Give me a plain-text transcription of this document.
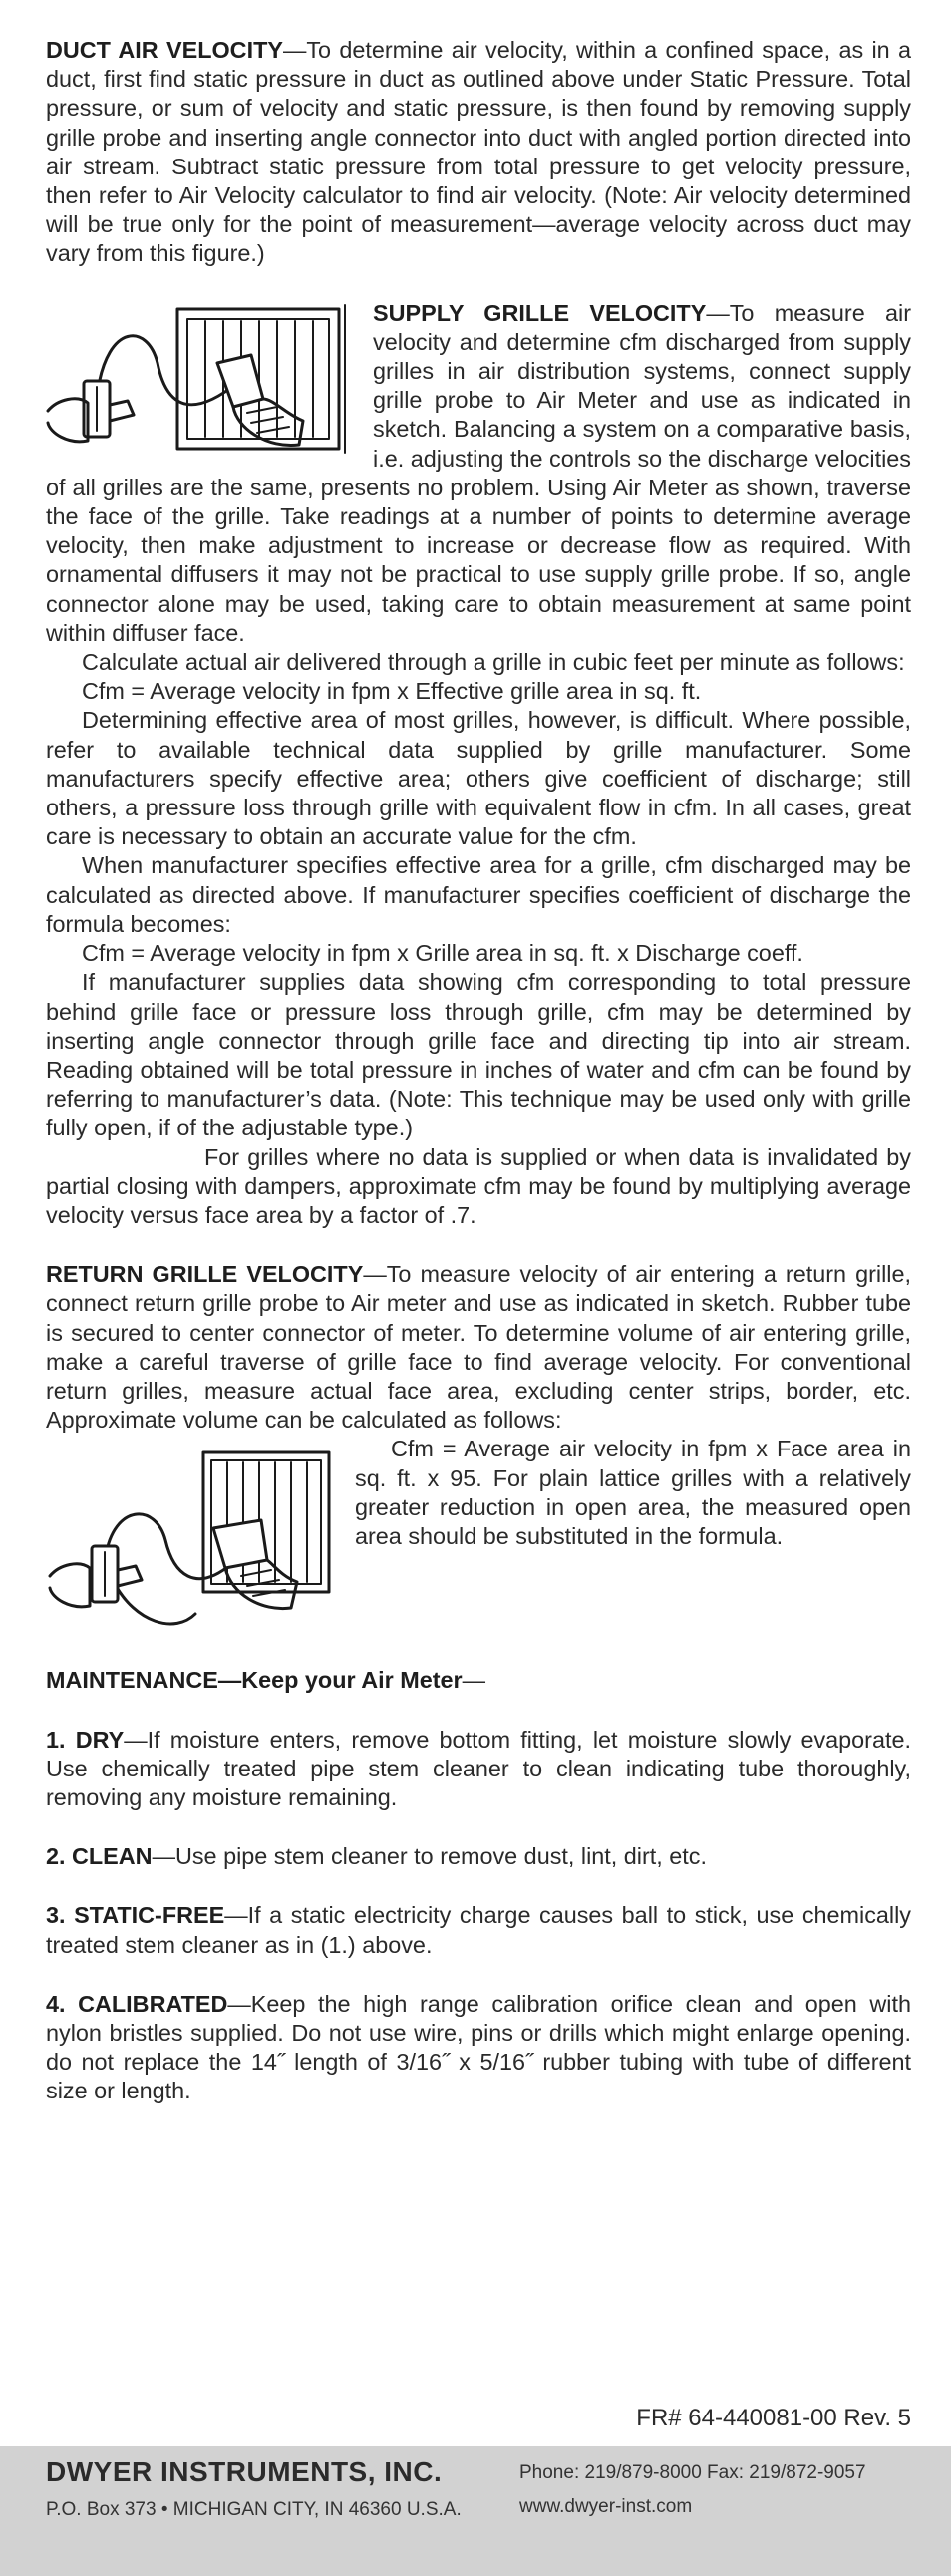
DUCT AIR VELOCITY—To determine air velocity, within a confined space, as in a duct, first find static pressure in duct as outlined above under Static Pressure. Total pressure, or sum of velocity and static pressure, is then found by removing supply grille probe and inserting angle connector into duct with angled portion directed into air stream. Subtract static pressure from total pressure to get velocity pressure, then refer to Air Velocity calculator to find air velocity. (Note: Air velocity determined will be true only for the point of measurement—average velocity across duct may vary from this figure.)

SUPPLY GRILLE VELOCITY—To measure air velocity and determine cfm discharged from supply grilles in air distribution systems, connect supply grille probe to Air Meter and use as indicated in sketch. Balancing a system on a comparative basis, i.e. adjusting the controls so the discharge velocities of all grilles are the same, presents no problem. Using Air Meter as shown, traverse the face of the grille. Take readings at a number of points to determine average velocity, then make adjustment to increase or decrease flow as required. With ornamental diffusers it may not be practical to use supply grille probe. If so, angle connector alone may be used, taking care to obtain measurement at same point within diffuser face.

Calculate actual air delivered through a grille in cubic feet per minute as follows:

Cfm = Average velocity in fpm x Effective grille area in sq. ft.

Determining effective area of most grilles, however, is difficult. Where possible, refer to available technical data supplied by grille manufacturer. Some manufacturers specify effective area; others give coefficient of discharge; still others, a pressure loss through grille with equivalent flow in cfm. In all cases, great care is necessary to obtain an accurate value for the cfm.

When manufacturer specifies effective area for a grille, cfm discharged may be calculated as directed above. If manufacturer specifies coefficient of discharge the formula becomes:

Cfm = Average velocity in fpm x Grille area in sq. ft. x Discharge coeff.

If manufacturer supplies data showing cfm corresponding to total pressure behind grille face or pressure loss through grille, cfm may be determined by inserting angle connector through grille face and directing tip into air stream. Reading obtained will be total pressure in inches of water and cfm can be found by referring to manufacturer’s data. (Note: This technique may be used only with grille fully open, if of the adjustable type.)

For grilles where no data is supplied or when data is invalidated by partial closing with dampers, approximate cfm may be found by multiplying average velocity versus face area by a factor of .7.

RETURN GRILLE VELOCITY—To measure velocity of air entering a return grille, connect return grille probe to Air meter and use as indicated in sketch. Rubber tube is secured to center connector of meter. To determine volume of air entering grille, make a careful traverse of grille face to find average velocity. For conventional return grilles, measure actual face area, excluding center strips, border, etc. Approximate volume can be calculated as follows:

Cfm = Average air velocity in fpm x Face area in sq. ft. x 95. For plain lattice grilles with a relatively greater reduction in open area, the measured open area should be substituted in the formula.

MAINTENANCE—Keep your Air Meter—

1. DRY—If moisture enters, remove bottom fitting, let moisture slowly evaporate. Use chemically treated pipe stem cleaner to clean indicating tube thoroughly, removing any moisture remaining.

2. CLEAN—Use pipe stem cleaner to remove dust, lint, dirt, etc.

3. STATIC-FREE—If a static electricity charge causes ball to stick, use chemically treated stem cleaner as in (1.) above.

4. CALIBRATED—Keep the high range calibration orifice clean and open with nylon bristles supplied. Do not use wire, pins or drills which might enlarge opening. do not replace the 14˝ length of 3/16˝ x 5/16˝ rubber tubing with tube of different size or length.

FR# 64-440081-00 Rev. 5
DWYER INSTRUMENTS, INC.
P.O. Box 373 • MICHIGAN CITY, IN 46360 U.S.A.
Phone: 219/879-8000 Fax: 219/872-9057
www.dwyer-inst.com
